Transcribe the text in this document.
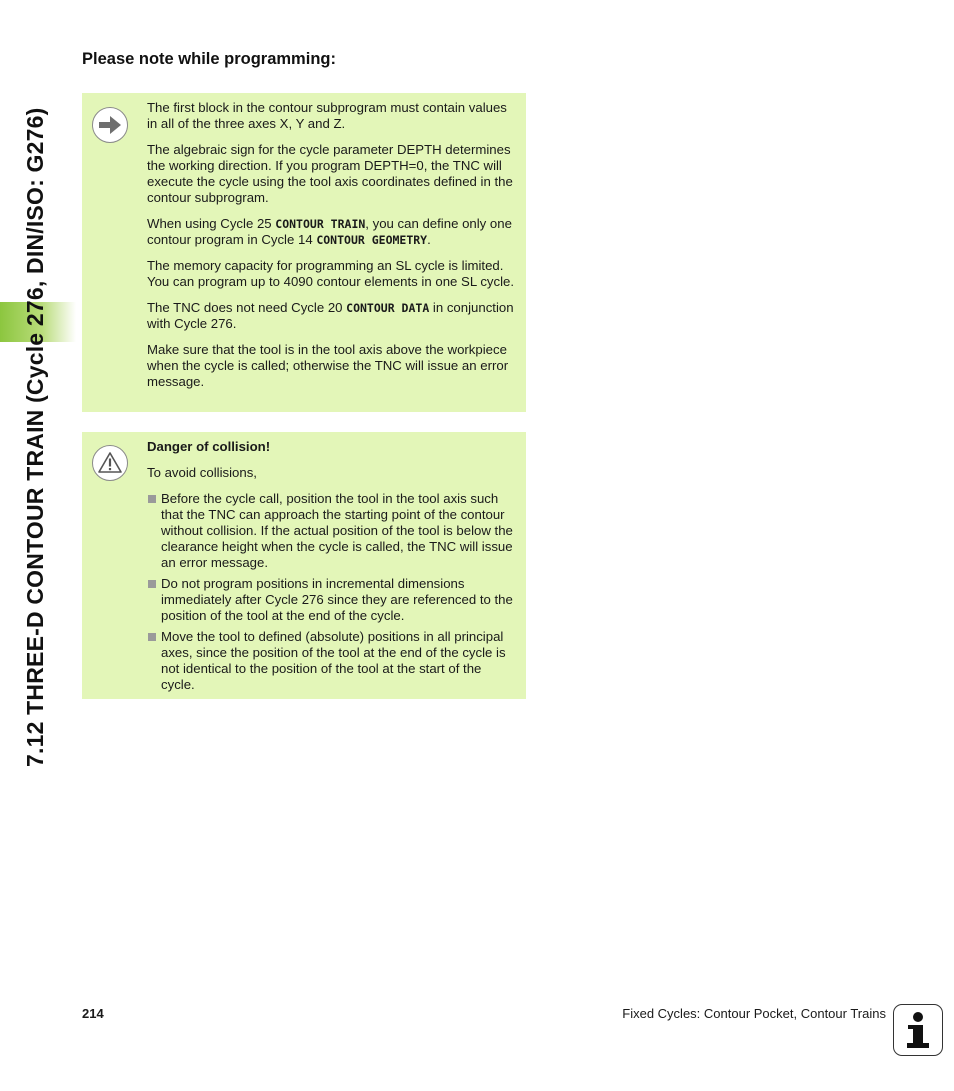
7.12 THREE-D CONTOUR TRAIN (Cycle 276, DIN/ISO: G276)
Please note while programming:

The first block in the contour subprogram must contain values in all of the three axes X, Y and Z.

The algebraic sign for the cycle parameter DEPTH determines the working direction. If you program DEPTH=0, the TNC will execute the cycle using the tool axis coordinates defined in the contour subprogram.

When using Cycle 25 CONTOUR TRAIN, you can define only one contour program in Cycle 14 CONTOUR GEOMETRY.

The memory capacity for programming an SL cycle is limited. You can program up to 4090 contour elements in one SL cycle.

The TNC does not need Cycle 20 CONTOUR DATA in conjunction with Cycle 276.

Make sure that the tool is in the tool axis above the workpiece when the cycle is called; otherwise the TNC will issue an error message.

Danger of collision!

To avoid collisions,

Before the cycle call, position the tool in the tool axis such that the TNC can approach the starting point of the contour without collision. If the actual position of the tool is below the clearance height when the cycle is called, the TNC will issue an error message.
Do not program positions in incremental dimensions immediately after Cycle 276 since they are referenced to the position of the tool at the end of the cycle.
Move the tool to defined (absolute) positions in all principal axes, since the position of the tool at the end of the cycle is not identical to the position of the tool at the start of the cycle.
214	Fixed Cycles: Contour Pocket, Contour Trains
